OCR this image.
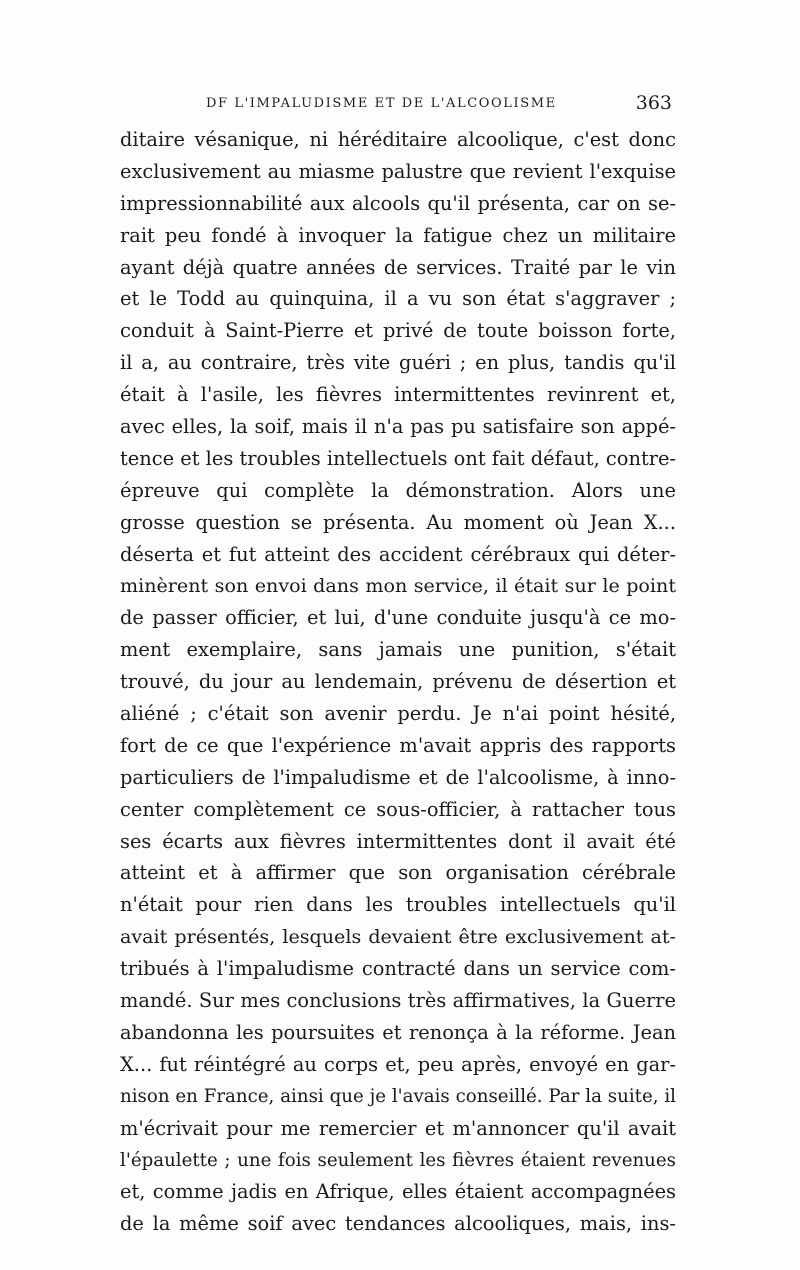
DF L'IMPALUDISME ET DE L'ALCOOLISME	363
ditaire vésanique, ni héréditaire alcoolique, c'est donc
exclusivement au miasme palustre que revient l'exquise
impressionnabilité aux alcools qu'il présenta, car on se-
rait peu fondé à invoquer la fatigue chez un militaire
ayant déjà quatre années de services. Traité par le vin
et le Todd au quinquina, il a vu son état s'aggraver ;
conduit à Saint-Pierre et privé de toute boisson forte,
il a, au contraire, très vite guéri ; en plus, tandis qu'il
était à l'asile, les fièvres intermittentes revinrent et,
avec elles, la soif, mais il n'a pas pu satisfaire son appé-
tence et les troubles intellectuels ont fait défaut, contre-
épreuve qui complète la démonstration. Alors une
grosse question se présenta. Au moment où Jean X...
déserta et fut atteint des accident cérébraux qui déter-
minèrent son envoi dans mon service, il était sur le point
de passer officier, et lui, d'une conduite jusqu'à ce mo-
ment exemplaire, sans jamais une punition, s'était
trouvé, du jour au lendemain, prévenu de désertion et
aliéné ; c'était son avenir perdu. Je n'ai point hésité,
fort de ce que l'expérience m'avait appris des rapports
particuliers de l'impaludisme et de l'alcoolisme, à inno-
center complètement ce sous-officier, à rattacher tous
ses écarts aux fièvres intermittentes dont il avait été
atteint et à affirmer que son organisation cérébrale
n'était pour rien dans les troubles intellectuels qu'il
avait présentés, lesquels devaient être exclusivement at-
tribués à l'impaludisme contracté dans un service com-
mandé. Sur mes conclusions très affirmatives, la Guerre
abandonna les poursuites et renonça à la réforme. Jean
X... fut réintégré au corps et, peu après, envoyé en gar-
nison en France, ainsi que je l'avais conseillé. Par la suite, il
m'écrivait pour me remercier et m'annoncer qu'il avait
l'épaulette ; une fois seulement les fièvres étaient revenues
et, comme jadis en Afrique, elles étaient accompagnées
de la même soif avec tendances alcooliques, mais, ins-
